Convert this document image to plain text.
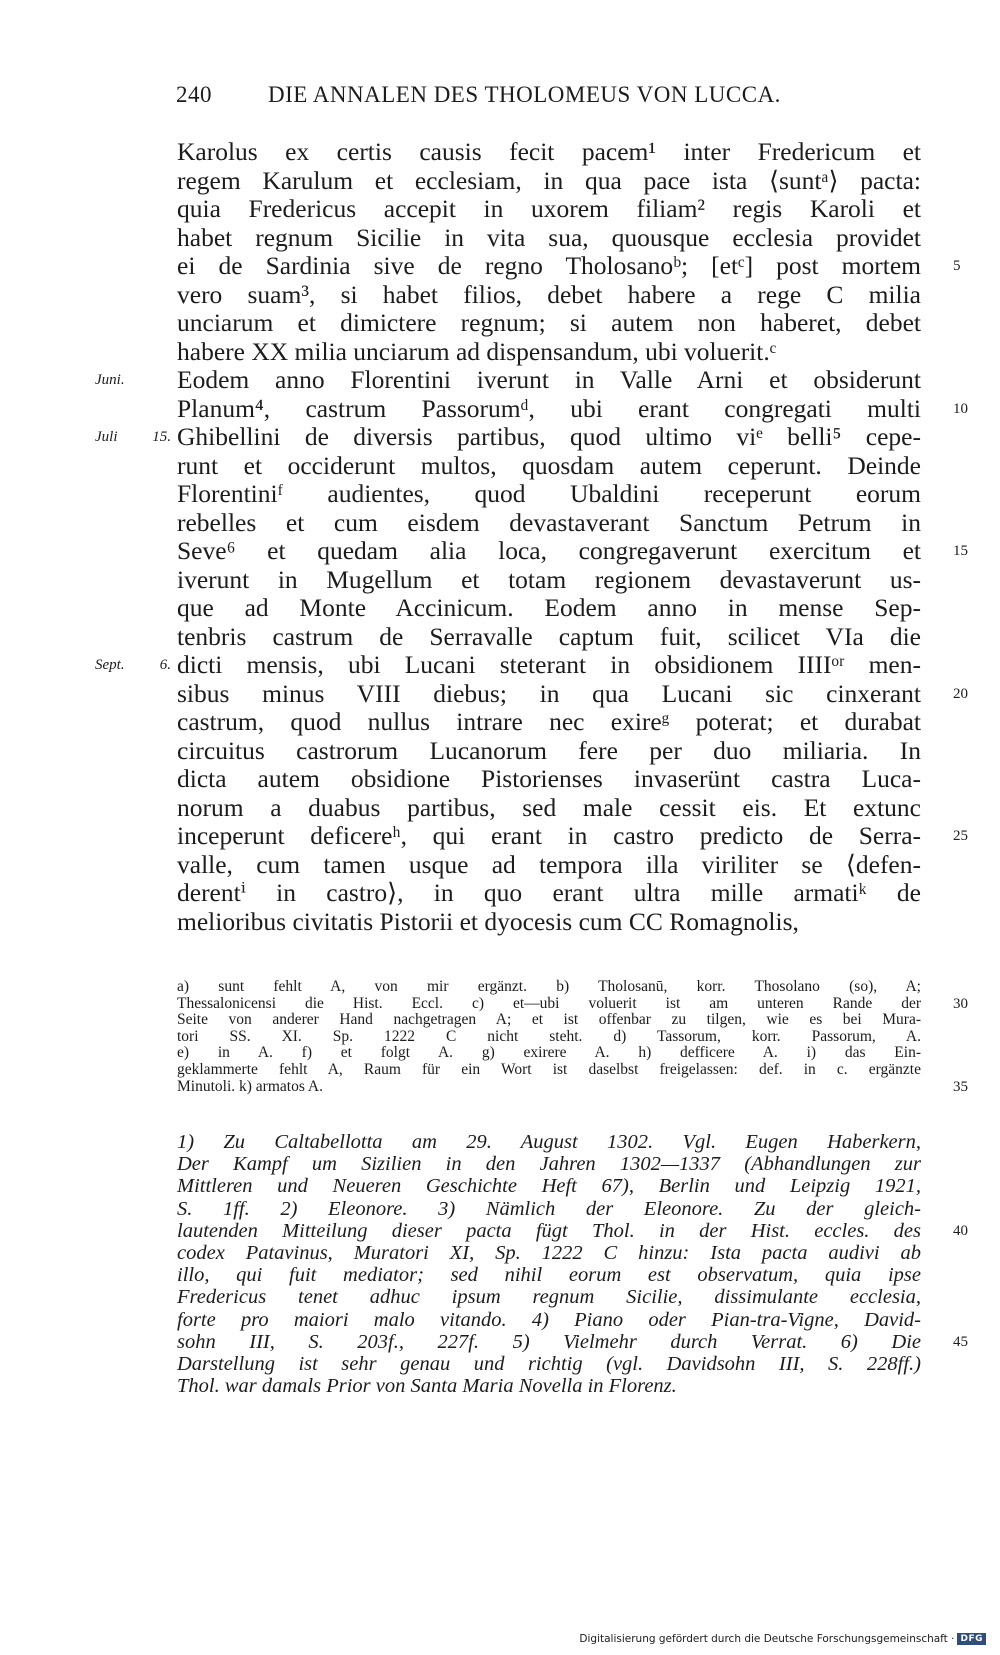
240 DIE ANNALEN DES THOLOMEUS VON LUCCA.
Karolus ex certis causis fecit pacem¹ inter Fredericum et
regem Karulum et ecclesiam, in qua pace ista ⟨suntᵃ⟩ pacta:
quia Fredericus accepit in uxorem filiam² regis Karoli et
habet regnum Sicilie in vita sua, quousque ecclesia providet
ei de Sardinia sive de regno Tholosanoᵇ; [etᶜ] post mortem 5
vero suam³, si habet filios, debet habere a rege C milia
unciarum et dimictere regnum; si autem non haberet, debet
habere XX milia unciarum ad dispensandum, ubi voluerit.ᶜ
Eodem anno Florentini iverunt in Valle Arni et obsiderunt
Juni.
Planum⁴, castrum Passorumᵈ, ubi erant congregati multi 10
Ghibellini de diversis partibus, quod ultimo viᵉ belli⁵ cepe-
Juli 15.
runt et occiderunt multos, quosdam autem ceperunt. Deinde
Florentiniᶠ audientes, quod Ubaldini receperunt eorum
rebelles et cum eisdem devastaverant Sanctum Petrum in
Seve⁶ et quedam alia loca, congregaverunt exercitum et 15
iverunt in Mugellum et totam regionem devastaverunt us-
que ad Monte Accinicum. Eodem anno in mense Sep-
tenbris castrum de Serravalle captum fuit, scilicet VIa die
dicti mensis, ubi Lucani steterant in obsidionem IIIIᵒʳ men-
Sept. 6.
sibus minus VIII diebus; in qua Lucani sic cinxerant 20
castrum, quod nullus intrare nec exireᵍ poterat; et durabat
circuitus castrorum Lucanorum fere per duo miliaria. In
dicta autem obsidione Pistorienses invaserünt castra Luca-
norum a duabus partibus, sed male cessit eis. Et extunc
inceperunt deficereʰ, qui erant in castro predicto de Serra- 25
valle, cum tamen usque ad tempora illa viriliter se ⟨defen-
derentⁱ in castro⟩, in quo erant ultra mille armatiᵏ de
melioribus civitatis Pistorii et dyocesis cum CC Romagnolis,
a) sunt fehlt A, von mir ergänzt. b) Tholosanū, korr. Thosolano (so), A;
Thessalonicensi die Hist. Eccl. c) et—ubi voluerit ist am unteren Rande der 30
Seite von anderer Hand nachgetragen A; et ist offenbar zu tilgen, wie es bei Mura-
tori SS. XI. Sp. 1222 C nicht steht. d) Tassorum, korr. Passorum, A.
e) in A. f) et folgt A. g) exirere A. h) defficere A. i) das Ein-
geklammerte fehlt A, Raum für ein Wort ist daselbst freigelassen: def. in c. ergänzte
Minutoli. k) armatos A.	35
1) Zu Caltabellotta am 29. August 1302. Vgl. Eugen Haberkern,
Der Kampf um Sizilien in den Jahren 1302—1337 (Abhandlungen zur
Mittleren und Neueren Geschichte Heft 67), Berlin und Leipzig 1921,
S. 1ff. 2) Eleonore. 3) Nämlich der Eleonore. Zu der gleich-
lautenden Mitteilung dieser pacta fügt Thol. in der Hist. eccles. des 40
codex Patavinus, Muratori XI, Sp. 1222 C hinzu: Ista pacta audivi ab
illo, qui fuit mediator; sed nihil eorum est observatum, quia ipse
Fredericus tenet adhuc ipsum regnum Sicilie, dissimulante ecclesia,
forte pro maiori malo vitando. 4) Piano oder Pian-tra-Vigne, David-
sohn III, S. 203f., 227f. 5) Vielmehr durch Verrat. 6) Die 45
Darstellung ist sehr genau und richtig (vgl. Davidsohn III, S. 228ff.)
Thol. war damals Prior von Santa Maria Novella in Florenz.
Digitalisierung gefördert durch die Deutsche Forschungsgemeinschaft · DFG
